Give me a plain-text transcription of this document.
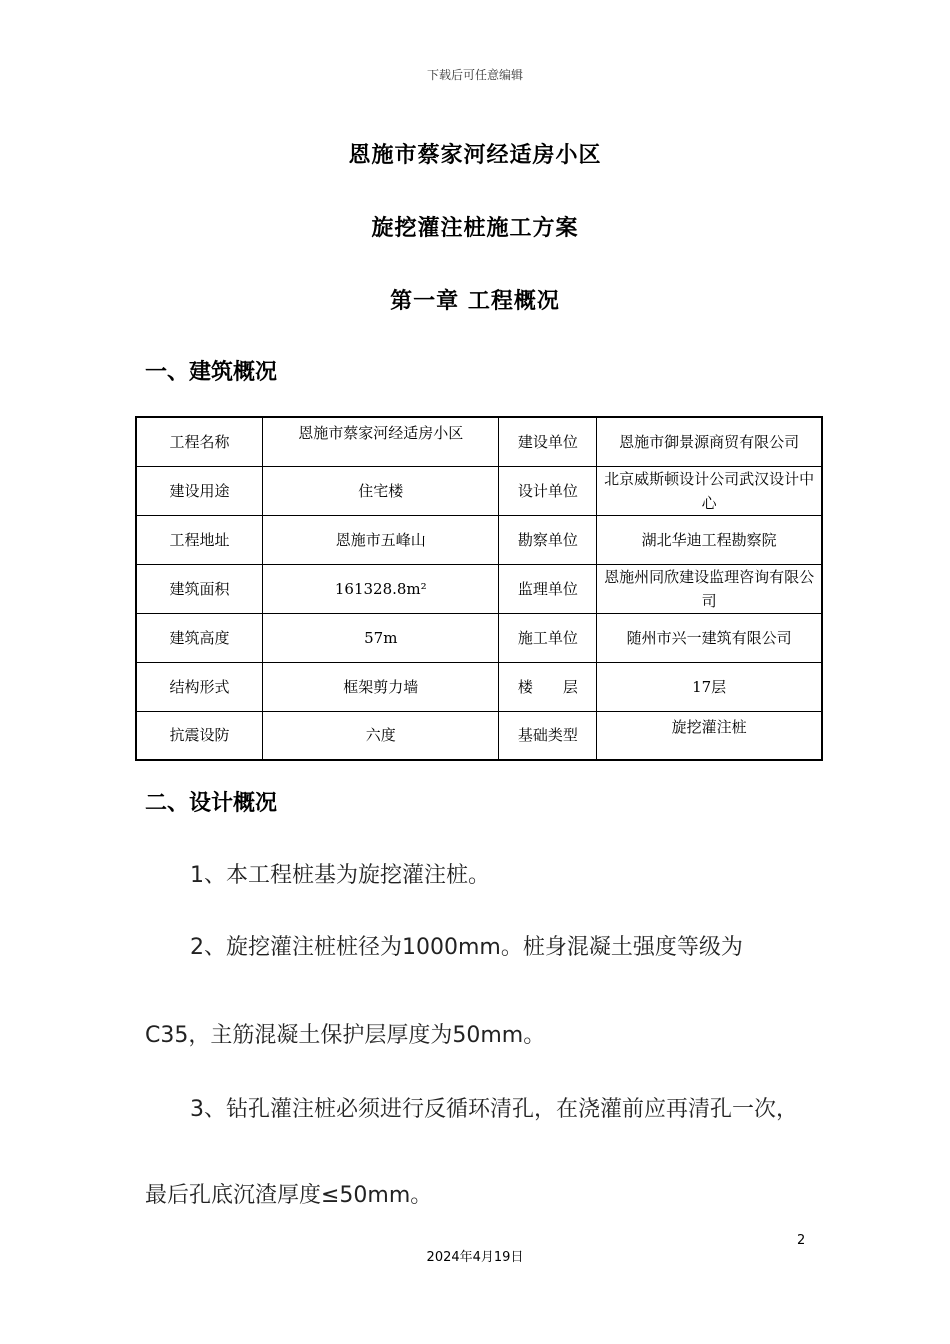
下载后可任意编辑
恩施市蔡家河经适房小区
旋挖灌注桩施工方案
第一章 工程概况
一、建筑概况
工程名称	恩施市蔡家河经适房小区	建设单位	恩施市御景源商贸有限公司
建设用途	住宅楼	设计单位	北京威斯顿设计公司武汉设计中心
工程地址	恩施市五峰山	勘察单位	湖北华迪工程勘察院
建筑面积	161328.8m²	监理单位	恩施州同欣建设监理咨询有限公司
建筑高度	57m	施工单位	随州市兴一建筑有限公司
结构形式	框架剪力墙	楼　　层	17层
抗震设防	六度	基础类型	旋挖灌注桩
二、设计概况
1、本工程桩基为旋挖灌注桩。
2、旋挖灌注桩桩径为1000mm。桩身混凝土强度等级为
C35，主筋混凝土保护层厚度为50mm。
3、钻孔灌注桩必须进行反循环清孔，在浇灌前应再清孔一次，
最后孔底沉渣厚度≤50mm。
2
2024年4月19日
